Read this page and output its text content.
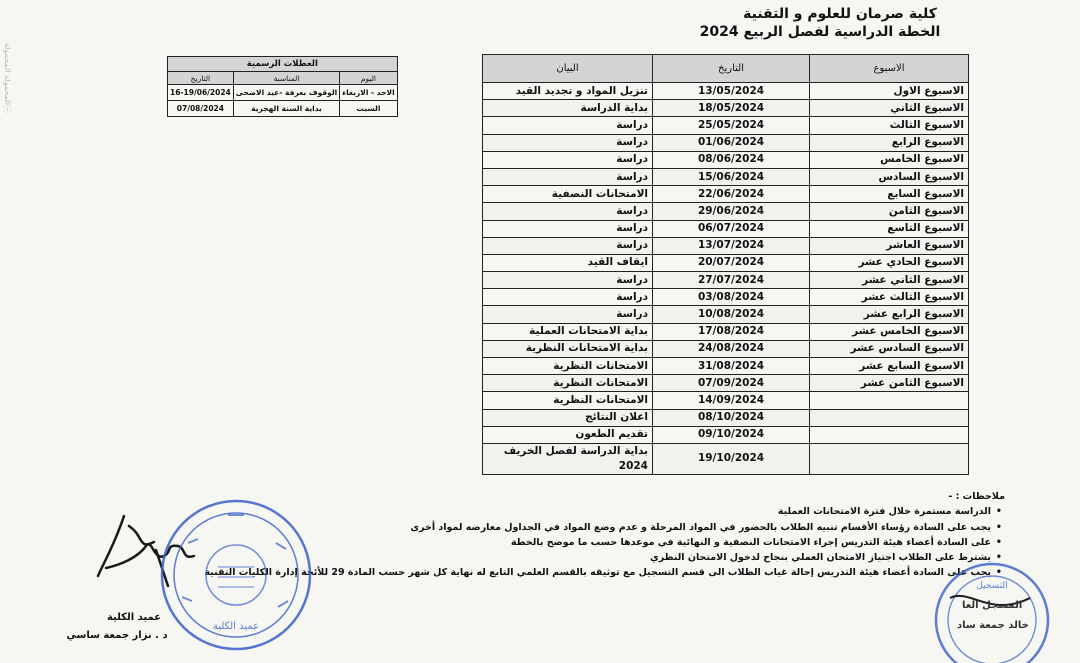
المحمولة المحمولة ‏ⓘ
كلية صرمان للعلوم و التقنية
الخطة الدراسية لفصل الربيع 2024
العطلات الرسمية		
اليوم	المناسبة	التاريخ
الاحد - الاربعاء	الوقوف بعرفة -عيد الاضحى	16-19/06/2024
السبت	بداية السنة الهجرية	07/08/2024
الاسبوع	التاريخ	البيان
الاسبوع الاول	13/05/2024	تنزيل المواد و تجديد القيد
الاسبوع الثاني	18/05/2024	بداية الدراسة
الاسبوع الثالث	25/05/2024	دراسة
الاسبوع الرابع	01/06/2024	دراسة
الاسبوع الخامس	08/06/2024	دراسة
الاسبوع السادس	15/06/2024	دراسة
الاسبوع السابع	22/06/2024	الامتحانات النصفية
الاسبوع الثامن	29/06/2024	دراسة
الاسبوع التاسع	06/07/2024	دراسة
الاسبوع العاشر	13/07/2024	دراسة
الاسبوع الحادي عشر	20/07/2024	ايقاف القيد
الاسبوع الثاني عشر	27/07/2024	دراسة
الاسبوع الثالث عشر	03/08/2024	دراسة
الاسبوع الرابع عشر	10/08/2024	دراسة
الاسبوع الخامس عشر	17/08/2024	بداية الامتحانات العملية
الاسبوع السادس عشر	24/08/2024	بداية الامتحانات النظرية
الاسبوع السابع عشر	31/08/2024	الامتحانات النظرية
الاسبوع الثامن عشر	07/09/2024	الامتحانات النظرية
	14/09/2024	الامتحانات النظرية
	08/10/2024	اعلان النتائج
	09/10/2024	تقديم الطعون
	19/10/2024	بداية الدراسة لفصل الخريف 2024
ملاحظات : -
• الدراسة مستمرة خلال فترة الامتحانات العملية
• يجب على السادة رؤساء الأقسام تنبيه الطلاب بالحضور في المواد المرحلة و عدم وضع المواد في الجداول معارضه لمواد أخرى
• على السادة أعضاء هيئة التدريس إجراء الامتحانات النصفية و النهائية في موعدها حسب ما موضح بالخطة
• يشترط على الطلاب اجتياز الامتحان العملي بنجاح لدخول الامتحان النظري
• يجب على السادة أعضاء هيئة التدريس إحالة غياب الطلاب الى قسم التسجيل مع توثيقه بالقسم العلمي التابع له نهاية كل شهر حسب المادة 29 للأئحة إدارة الكليات التقنية
عميد الكلية
التسجيل
عميد الكلية
د . نزار جمعة ساسي
المسجل العا
خالد جمعة ساد
